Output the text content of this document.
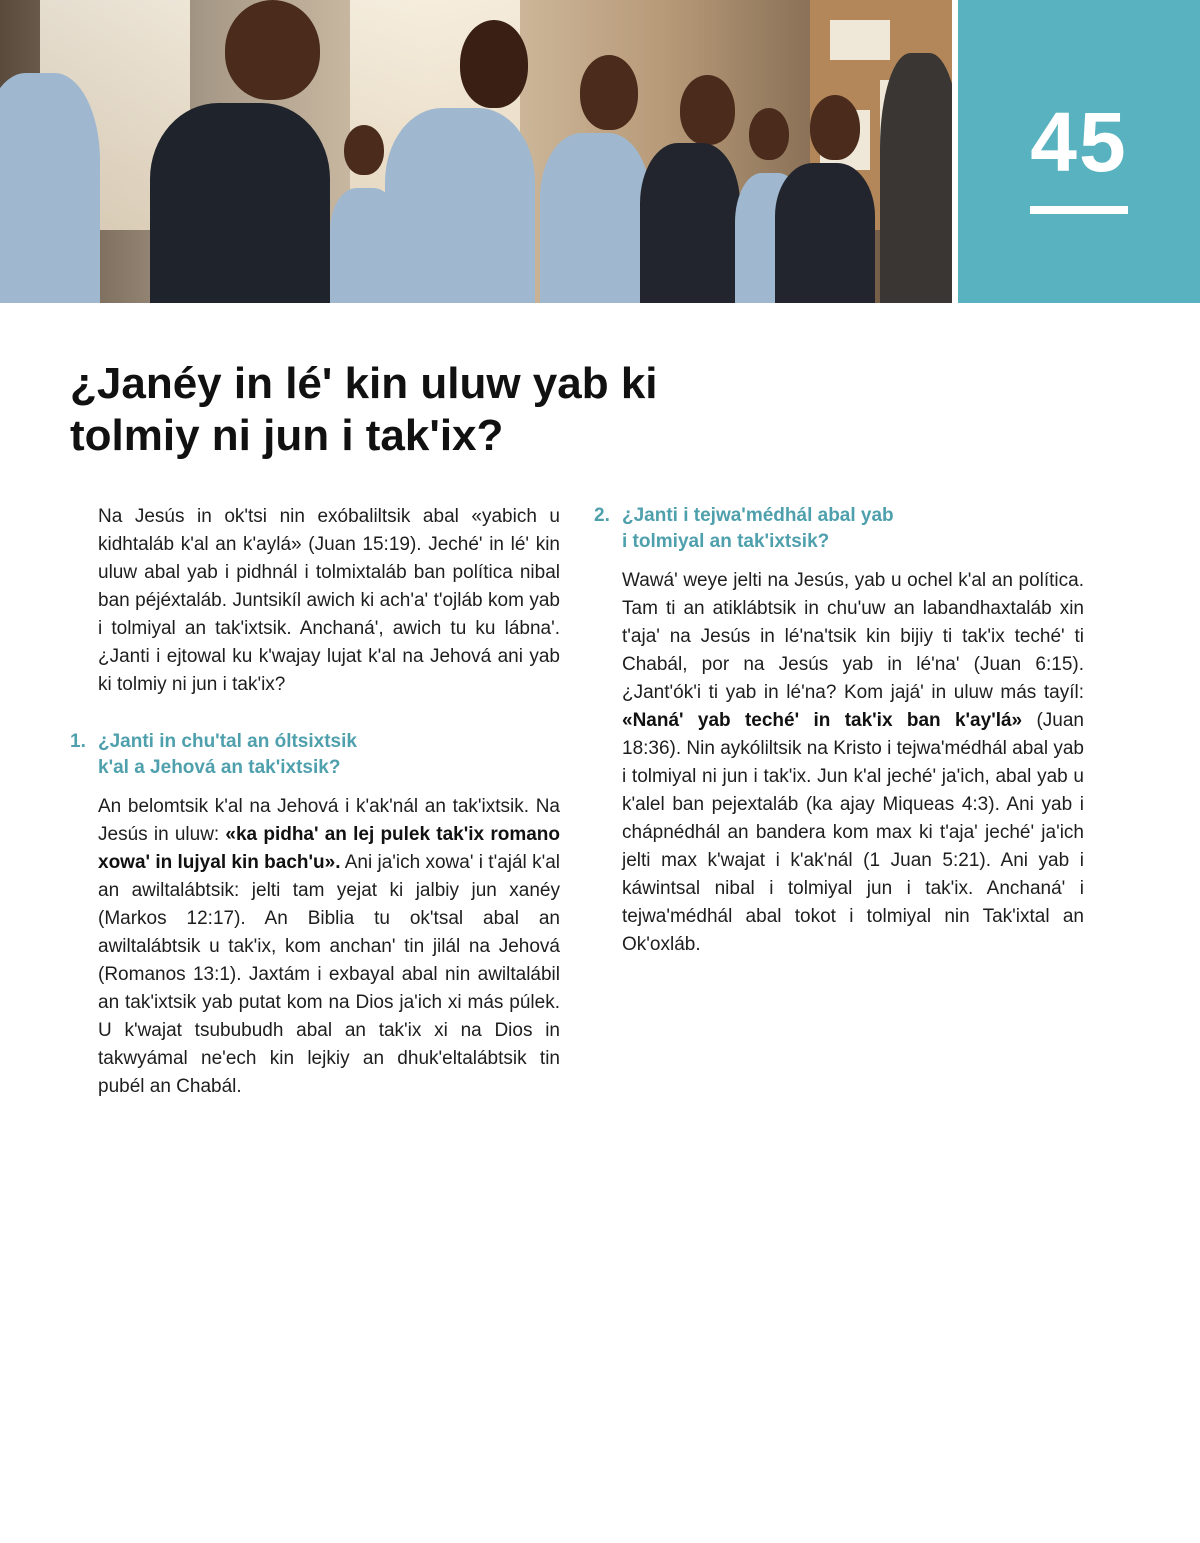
45
¿Janéy in lé' kin uluw yab ki tolmiy ni jun i tak'ix?

Na Jesús in ok'tsi nin exóbaliltsik abal «yabich u kidhtaláb k'al an k'aylá» (Juan 15:19). Jeché' in lé' kin uluw abal yab i pidhnál i tolmixtaláb ban política nibal ban péjéxtaláb. Juntsikíl awich ki ach'a' t'ojláb kom yab i tolmiyal an tak'ixtsik. Anchaná', awich tu ku lábna'. ¿Janti i ejtowal ku k'wajay lujat k'al na Jehová ani yab ki tolmiy ni jun i tak'ix?

1. ¿Janti in chu'tal an óltsixtsik
k'al a Jehová an tak'ixtsik?

An belomtsik k'al na Jehová i k'ak'nál an tak'ixtsik. Na Jesús in uluw: «ka pidha' an lej pulek tak'ix romano xowa' in lujyal kin bach'u». Ani ja'ich xowa' i t'ajál k'al an awiltalábtsik: jelti tam yejat ki jalbiy jun xanéy (Markos 12:17). An Biblia tu ok'tsal abal an awiltalábtsik u tak'ix, kom anchan' tin jilál na Jehová (Romanos 13:1). Jaxtám i exbayal abal nin awiltalábil an tak'ixtsik yab putat kom na Dios ja'ich xi más púlek. U k'wajat tsububudh abal an tak'ix xi na Dios in takwyámal ne'ech kin lejkiy an dhuk'eltalábtsik tin pubél an Chabál.

2. ¿Janti i tejwa'médhál abal yab
i tolmiyal an tak'ixtsik?

Wawá' weye jelti na Jesús, yab u ochel k'al an política. Tam ti an atiklábtsik in chu'uw an labandhaxtaláb xin t'aja' na Jesús in lé'na'tsik kin bijiy ti tak'ix teché' ti Chabál, por na Jesús yab in lé'na' (Juan 6:15). ¿Jant'ók'i ti yab in lé'na? Kom jajá' in uluw más tayíl: «Naná' yab teché' in tak'ix ban k'ay'lá» (Juan 18:36). Nin aykóliltsik na Kristo i tejwa'médhál abal yab i tolmiyal ni jun i tak'ix. Jun k'al jeché' ja'ich, abal yab u k'alel ban pejextaláb (ka ajay Miqueas 4:3). Ani yab i chápnédhál an bandera kom max ki t'aja' jeché' ja'ich jelti max k'wajat i k'ak'nál (1 Juan 5:21). Ani yab i káwintsal nibal i tolmiyal jun i tak'ix. Anchaná' i tejwa'médhál abal tokot i tolmiyal nin Tak'ixtal an Ok'oxláb.
